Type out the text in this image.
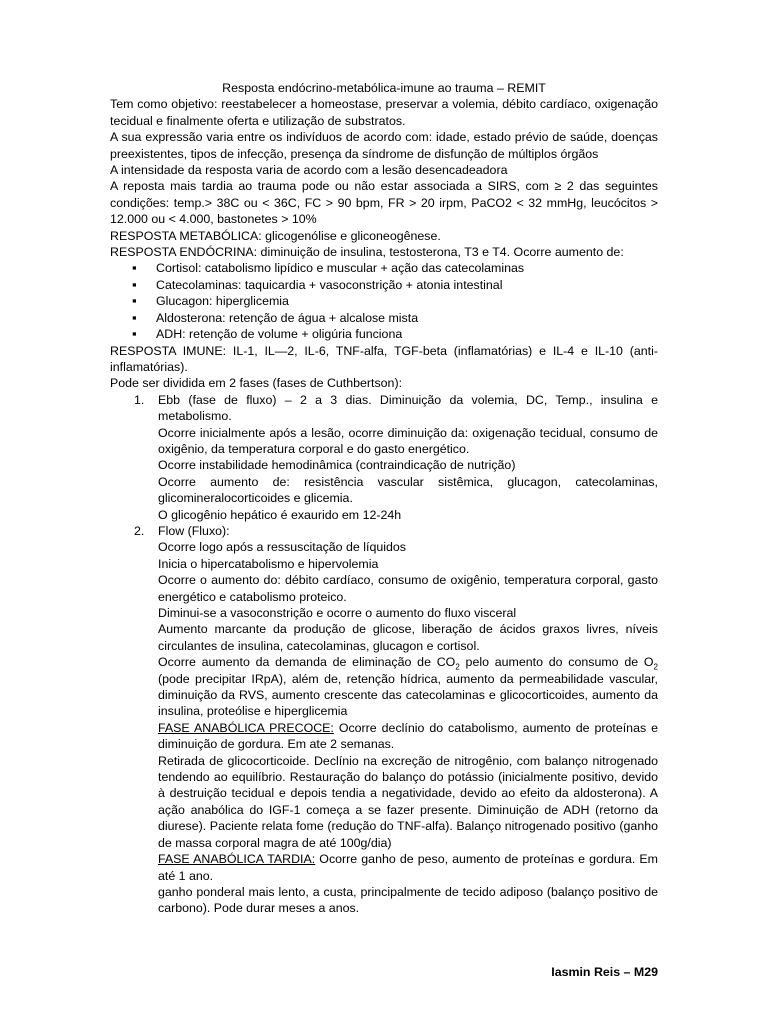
Resposta endócrino-metabólica-imune ao trauma – REMIT

Tem como objetivo: reestabelecer a homeostase, preservar a volemia, débito cardíaco, oxigenação tecidual e finalmente oferta e utilização de substratos.

A sua expressão varia entre os indivíduos de acordo com: idade, estado prévio de saúde, doenças preexistentes, tipos de infecção, presença da síndrome de disfunção de múltiplos órgãos

A intensidade da resposta varia de acordo com a lesão desencadeadora

A reposta mais tardia ao trauma pode ou não estar associada a SIRS, com ≥ 2 das seguintes condições: temp.> 38C ou < 36C, FC > 90 bpm, FR > 20 irpm, PaCO2 < 32 mmHg, leucócitos > 12.000 ou < 4.000, bastonetes > 10%

RESPOSTA METABÓLICA: glicogenólise e gliconeogênese.

RESPOSTA ENDÓCRINA: diminuição de insulina, testosterona, T3 e T4. Ocorre aumento de:

▪ Cortisol: catabolismo lipídico e muscular + ação das catecolaminas
▪ Catecolaminas: taquicardia + vasoconstrição + atonia intestinal
▪ Glucagon: hiperglicemia
▪ Aldosterona: retenção de água + alcalose mista
▪ ADH: retenção de volume + oligúria funciona

RESPOSTA IMUNE: IL-1, IL—2, IL-6, TNF-alfa, TGF-beta (inflamatórias) e IL-4 e IL-10 (anti-inflamatórias).

Pode ser dividida em 2 fases (fases de Cuthbertson):

1. Ebb (fase de fluxo) – 2 a 3 dias. Diminuição da volemia, DC, Temp., insulina e metabolismo.

Ocorre inicialmente após a lesão, ocorre diminuição da: oxigenação tecidual, consumo de oxigênio, da temperatura corporal e do gasto energético.

Ocorre instabilidade hemodinâmica (contraindicação de nutrição)

Ocorre aumento de: resistência vascular sistêmica, glucagon, catecolaminas, glicomineralocorticoides e glicemia.

O glicogênio hepático é exaurido em 12-24h

2. Flow (Fluxo):

Ocorre logo após a ressuscitação de líquidos

Inicia o hipercatabolismo e hipervolemia

Ocorre o aumento do: débito cardíaco, consumo de oxigênio, temperatura corporal, gasto energético e catabolismo proteico.

Diminui-se a vasoconstrição e ocorre o aumento do fluxo visceral

Aumento marcante da produção de glicose, liberação de ácidos graxos livres, níveis circulantes de insulina, catecolaminas, glucagon e cortisol.

Ocorre aumento da demanda de eliminação de $CO_2$ pelo aumento do consumo de $O_2$ (pode precipitar IRpA), além de, retenção hídrica, aumento da permeabilidade vascular, diminuição da RVS, aumento crescente das catecolaminas e glicocorticoides, aumento da insulina, proteólise e hiperglicemia

FASE ANABÓLICA PRECOCE: Ocorre declínio do catabolismo, aumento de proteínas e diminuição de gordura. Em ate 2 semanas.

Retirada de glicocorticoide. Declínio na excreção de nitrogênio, com balanço nitrogenado tendendo ao equilíbrio. Restauração do balanço do potássio (inicialmente positivo, devido à destruição tecidual e depois tendia a negatividade, devido ao efeito da aldosterona). A ação anabólica do IGF-1 começa a se fazer presente. Diminuição de ADH (retorno da diurese). Paciente relata fome (redução do TNF-alfa). Balanço nitrogenado positivo (ganho de massa corporal magra de até 100g/dia)

FASE ANABÓLICA TARDIA: Ocorre ganho de peso, aumento de proteínas e gordura. Em até 1 ano.

ganho ponderal mais lento, a custa, principalmente de tecido adiposo (balanço positivo de carbono). Pode durar meses a anos.

Iasmin Reis – M29
